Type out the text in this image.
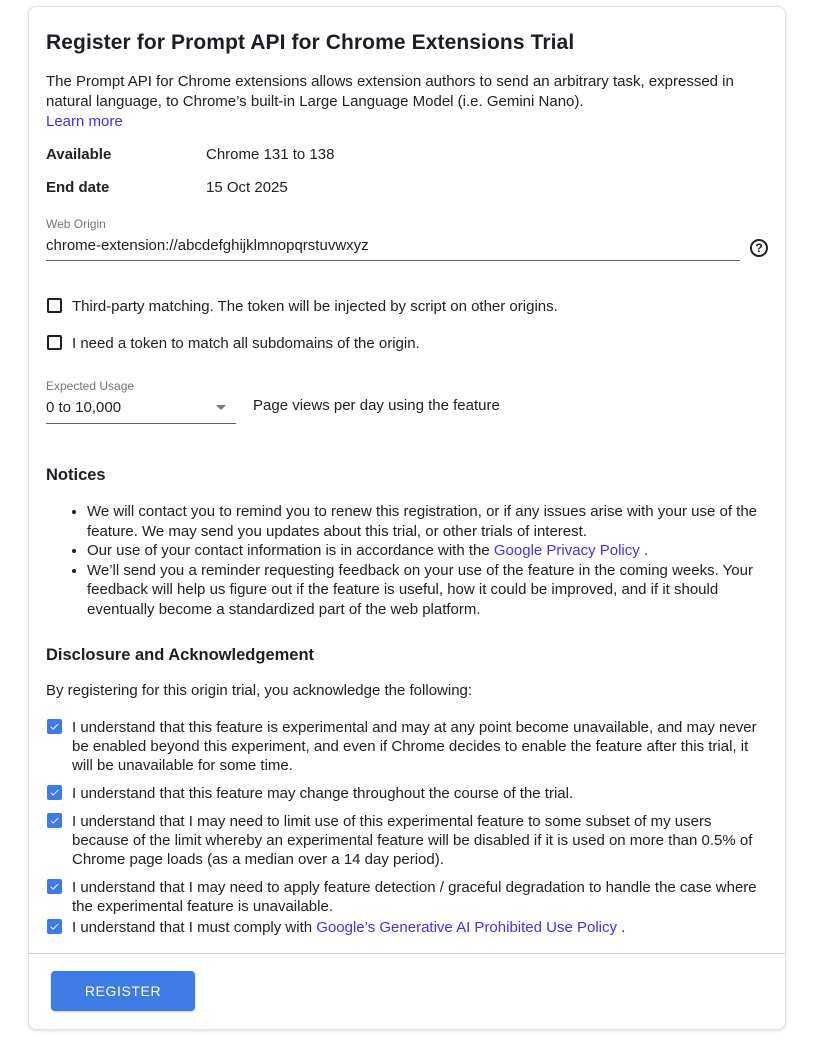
Register for Prompt API for Chrome Extensions Trial

The Prompt API for Chrome extensions allows extension authors to send an arbitrary task, expressed in natural language, to Chrome’s built-in Large Language Model (i.e. Gemini Nano).

Learn more
Available	Chrome 131 to 138
End date	15 Oct 2025
Web Origin
chrome-extension://abcdefghijklmnopqrstuvwxyz	?
Third-party matching. The token will be injected by script on other origins.
I need a token to match all subdomains of the origin.
Expected Usage
0 to 10,000	Page views per day using the feature
Notices
• We will contact you to remind you to renew this registration, or if any issues arise with your use of the feature. We may send you updates about this trial, or other trials of interest.
• Our use of your contact information is in accordance with the Google Privacy Policy .
• We’ll send you a reminder requesting feedback on your use of the feature in the coming weeks. Your feedback will help us figure out if the feature is useful, how it could be improved, and if it should eventually become a standardized part of the web platform.
Disclosure and Acknowledgement

By registering for this origin trial, you acknowledge the following:

I understand that this feature is experimental and may at any point become unavailable, and may never be enabled beyond this experiment, and even if Chrome decides to enable the feature after this trial, it will be unavailable for some time.
I understand that this feature may change throughout the course of the trial.
I understand that I may need to limit use of this experimental feature to some subset of my users because of the limit whereby an experimental feature will be disabled if it is used on more than 0.5% of Chrome page loads (as a median over a 14 day period).
I understand that I may need to apply feature detection / graceful degradation to handle the case where the experimental feature is unavailable.
I understand that I must comply with Google’s Generative AI Prohibited Use Policy .
REGISTER
